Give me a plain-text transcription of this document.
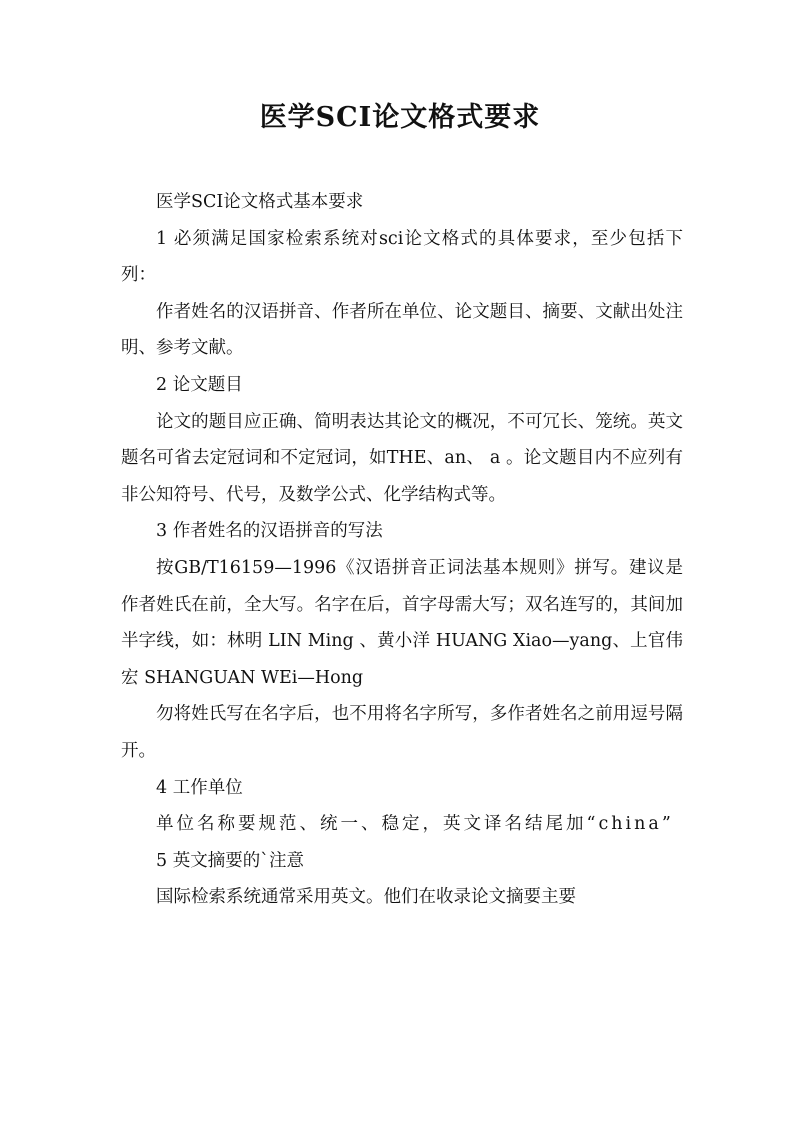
医学SCI论文格式要求

医学SCI论文格式基本要求

1 必须满足国家检索系统对sci论文格式的具体要求，至少包括下列：

作者姓名的汉语拼音、作者所在单位、论文题目、摘要、文献出处注明、参考文献。

2 论文题目

论文的题目应正确、简明表达其论文的概况，不可冗长、笼统。英文题名可省去定冠词和不定冠词，如THE、an、 a 。论文题目内不应列有非公知符号、代号，及数学公式、化学结构式等。

3 作者姓名的汉语拼音的写法

按GB/T16159—1996《汉语拼音正词法基本规则》拼写。建议是作者姓氏在前，全大写。名字在后，首字母需大写；双名连写的，其间加半字线，如：林明 LIN Ming 、黄小洋 HUANG Xiao—yang、上官伟宏 SHANGUAN WEi—Hong

勿将姓氏写在名字后，也不用将名字所写，多作者姓名之前用逗号隔开。

4 工作单位

单位名称要规范、统一、稳定，英文译名结尾加“china”

5 英文摘要的`注意

国际检索系统通常采用英文。他们在收录论文摘要主要
